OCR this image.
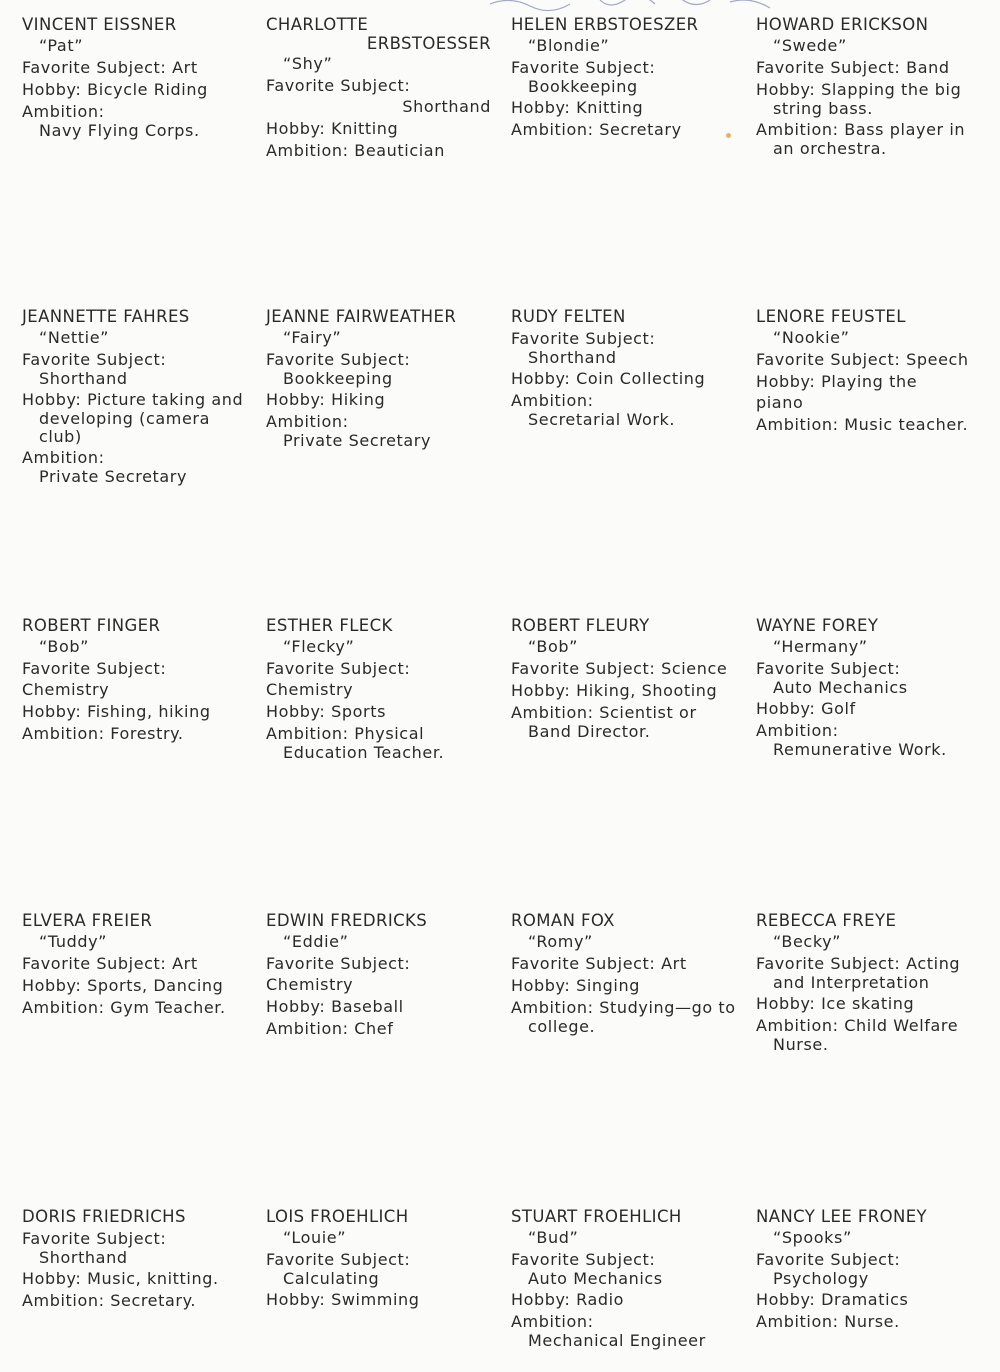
VINCENT EISSNER
“Pat”
Favorite Subject: Art
Hobby: Bicycle Riding
Ambition:
Navy Flying Corps.
CHARLOTTE
ERBSTOESSER
“Shy”
Favorite Subject:
Shorthand
Hobby: Knitting
Ambition: Beautician
HELEN ERBSTOESZER
“Blondie”
Favorite Subject:
Bookkeeping
Hobby: Knitting
Ambition: Secretary
HOWARD ERICKSON
“Swede”
Favorite Subject: Band
Hobby: Slapping the big
string bass.
Ambition: Bass player in
an orchestra.
JEANNETTE FAHRES
“Nettie”
Favorite Subject:
Shorthand
Hobby: Picture taking and
developing (camera club)
Ambition:
Private Secretary
JEANNE FAIRWEATHER
“Fairy”
Favorite Subject:
Bookkeeping
Hobby: Hiking
Ambition:
Private Secretary
RUDY FELTEN
Favorite Subject:
Shorthand
Hobby: Coin Collecting
Ambition:
Secretarial Work.
LENORE FEUSTEL
“Nookie”
Favorite Subject: Speech
Hobby: Playing the piano
Ambition: Music teacher.
ROBERT FINGER
“Bob”
Favorite Subject: Chemistry
Hobby: Fishing, hiking
Ambition: Forestry.
ESTHER FLECK
“Flecky”
Favorite Subject: Chemistry
Hobby: Sports
Ambition: Physical
Education Teacher.
ROBERT FLEURY
“Bob”
Favorite Subject: Science
Hobby: Hiking, Shooting
Ambition: Scientist or
Band Director.
WAYNE FOREY
“Hermany”
Favorite Subject:
Auto Mechanics
Hobby: Golf
Ambition:
Remunerative Work.
ELVERA FREIER
“Tuddy”
Favorite Subject: Art
Hobby: Sports, Dancing
Ambition: Gym Teacher.
EDWIN FREDRICKS
“Eddie”
Favorite Subject: Chemistry
Hobby: Baseball
Ambition: Chef
ROMAN FOX
“Romy”
Favorite Subject: Art
Hobby: Singing
Ambition: Studying—go to
college.
REBECCA FREYE
“Becky”
Favorite Subject: Acting
and Interpretation
Hobby: Ice skating
Ambition: Child Welfare
Nurse.
DORIS FRIEDRICHS
Favorite Subject:
Shorthand
Hobby: Music, knitting.
Ambition: Secretary.
LOIS FROEHLICH
“Louie”
Favorite Subject:
Calculating
Hobby: Swimming
STUART FROEHLICH
“Bud”
Favorite Subject:
Auto Mechanics
Hobby: Radio
Ambition:
Mechanical Engineer
NANCY LEE FRONEY
“Spooks”
Favorite Subject:
Psychology
Hobby: Dramatics
Ambition: Nurse.
